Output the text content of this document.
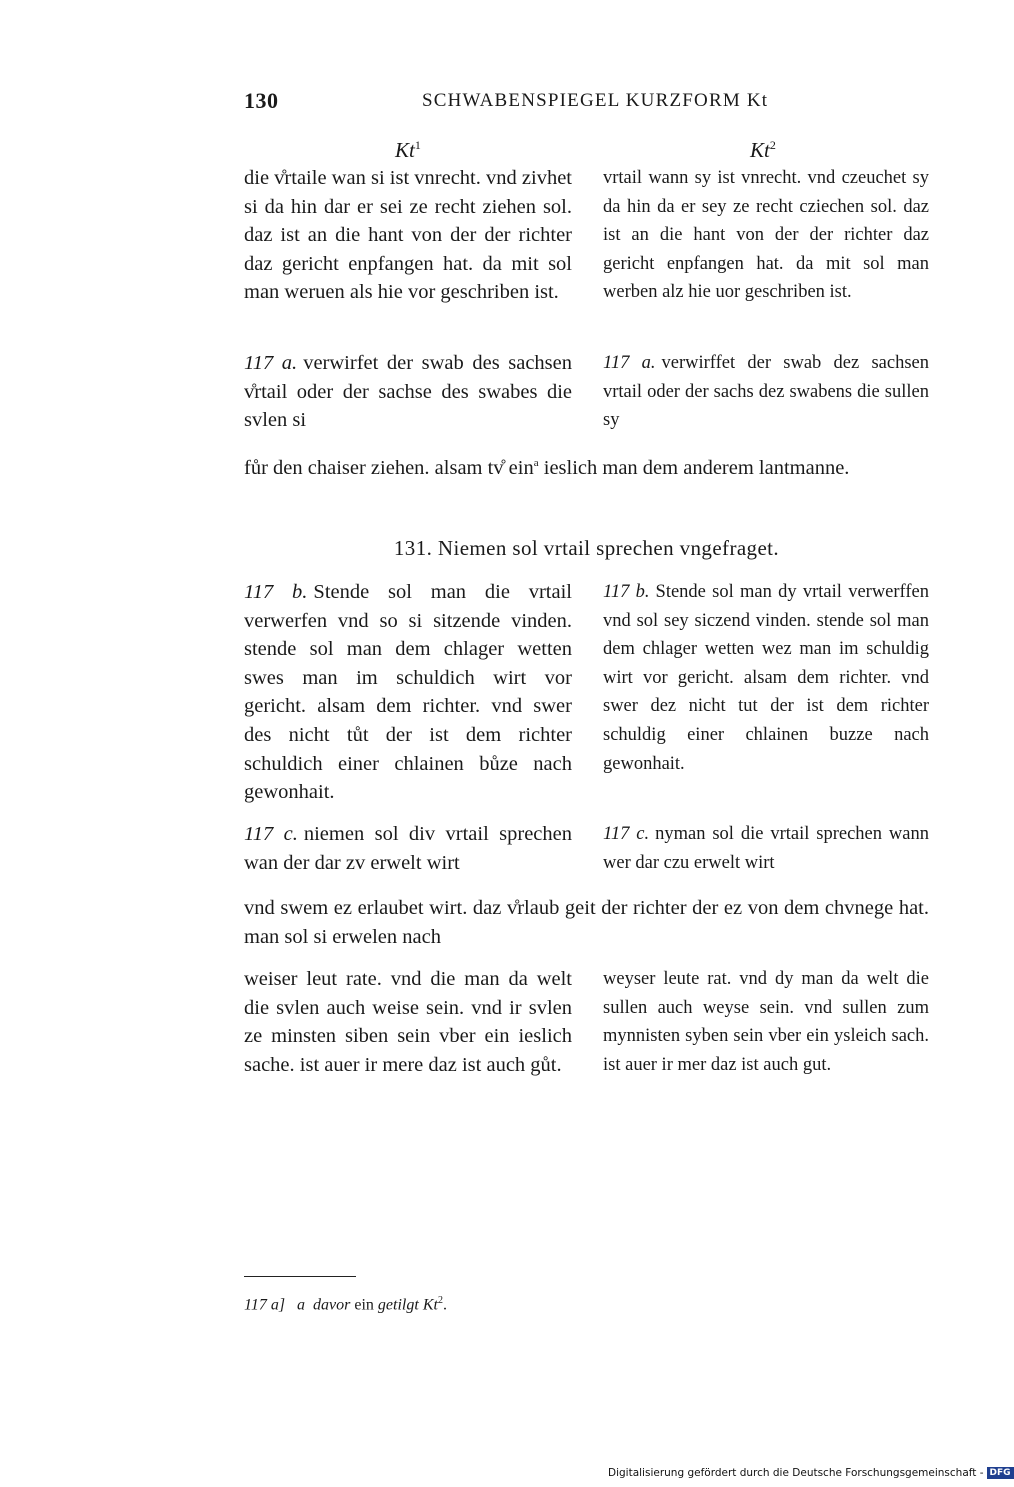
130	SCHWABENSPIEGEL KURZFORM Kt
Kt$^1$	Kt$^2$

die v̊rtaile wan si ist vnrecht. vnd zivhet si da hin dar er sei ze recht ziehen sol. daz ist an die hant von der der richter daz gericht enpfangen hat. da mit sol man weruen als hie vor geschriben ist.

vrtail wann sy ist vnrecht. vnd czeuchet sy da hin da er sey ze recht cziechen sol. daz ist an die hant von der der richter daz gericht enpfangen hat. da mit sol man werben alz hie uor geschriben ist.

117 a. verwirfet der swab des sachsen v̊rtail oder der sachse des swabes die svlen si

117 a. verwirffet der swab dez sachsen vrtail oder der sachs dez swabens die sullen sy

fůr den chaiser ziehen. alsam tv̊ ein$^a$ ieslich man dem anderem lantmanne.

131. Niemen sol vrtail sprechen vngefraget.

117 b. Stende sol man die vrtail verwerfen vnd so si sitzende vinden. stende sol man dem chlager wetten swes man im schuldich wirt vor gericht. alsam dem richter. vnd swer des nicht tůt der ist dem richter schuldich einer chlainen bůze nach gewonhait.

117 b. Stende sol man dy vrtail verwerffen vnd sol sey siczend vinden. stende sol man dem chlager wetten wez man im schuldig wirt vor gericht. alsam dem richter. vnd swer dez nicht tut der ist dem richter schuldig einer chlainen buzze nach gewonhait.

117 c. niemen sol div vrtail sprechen wan der dar zv erwelt wirt

117 c. nyman sol die vrtail sprechen wann wer dar czu erwelt wirt

vnd swem ez erlaubet wirt. daz v̊rlaub geit der richter der ez von dem chvnege hat. man sol si erwelen nach

weiser leut rate. vnd die man da welt die svlen auch weise sein. vnd ir svlen ze minsten siben sein vber ein ieslich sache. ist auer ir mere daz ist auch gůt.

weyser leute rat. vnd dy man da welt die sullen auch weyse sein. vnd sullen zum mynnisten syben sein vber ein ysleich sach. ist auer ir mer daz ist auch gut.

117 a] a davor ein getilgt Kt$^2$.
Digitalisierung gefördert durch die Deutsche Forschungsgemeinschaft - DFG
